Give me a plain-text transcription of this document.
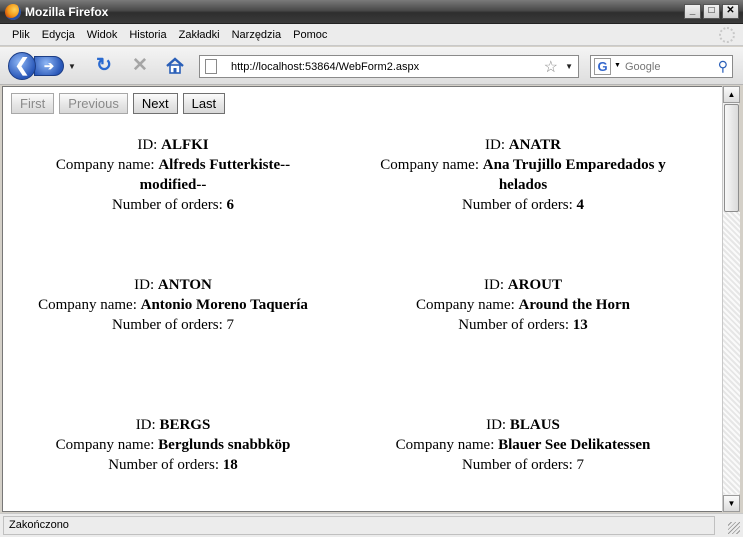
Mozilla Firefox	_	□	✕
Plik	Edycja	Widok	Historia	Zakładki	Narzędzia	Pomoc
➔
❮	▼ ↻ ✕	http://localhost:53864/WebForm2.aspx	☆ ▼ G ▼
Google	⚲
First	Previous	Next	Last
ID: ALFKI
Company name: Alfreds Futterkiste--
modified--
Number of orders: 6
ID: ANATR
Company name: Ana Trujillo Emparedados y
helados
Number of orders: 4
ID: ANTON
Company name: Antonio Moreno Taquería
Number of orders: 7
ID: AROUT
Company name: Around the Horn
Number of orders: 13
ID: BERGS
Company name: Berglunds snabbköp
Number of orders: 18
ID: BLAUS
Company name: Blauer See Delikatessen
Number of orders: 7
▲
▼
Zakończono
